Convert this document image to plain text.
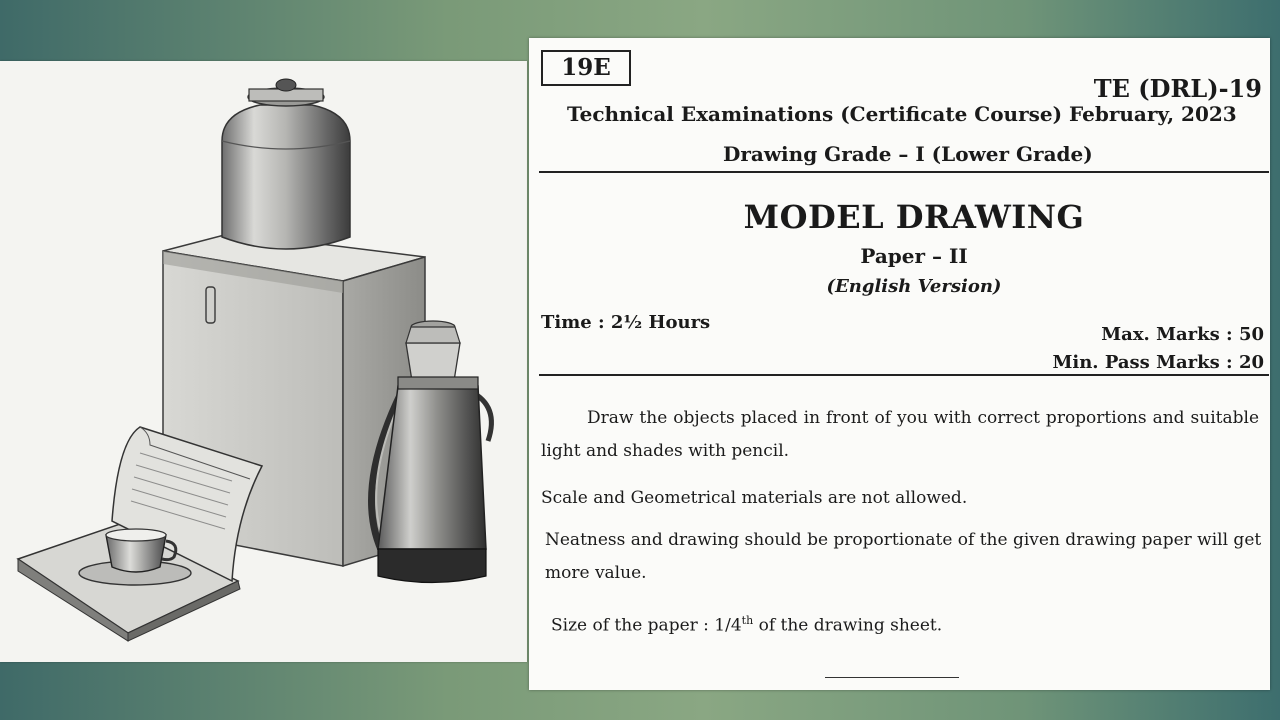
19E
TE (DRL)-19
Technical Examinations (Certificate Course) February, 2023
Drawing Grade – I (Lower Grade)
MODEL DRAWING
Paper – II
(English Version)
Time : 2½ Hours
Max. Marks : 50
Min. Pass Marks : 20
Draw the objects placed in front of you with correct proportions and suitable light and shades with pencil.
Scale and Geometrical materials are not allowed.
Neatness and drawing should be proportionate of the given drawing paper will get more value.
Size of the paper : 1/4th of the drawing sheet.
